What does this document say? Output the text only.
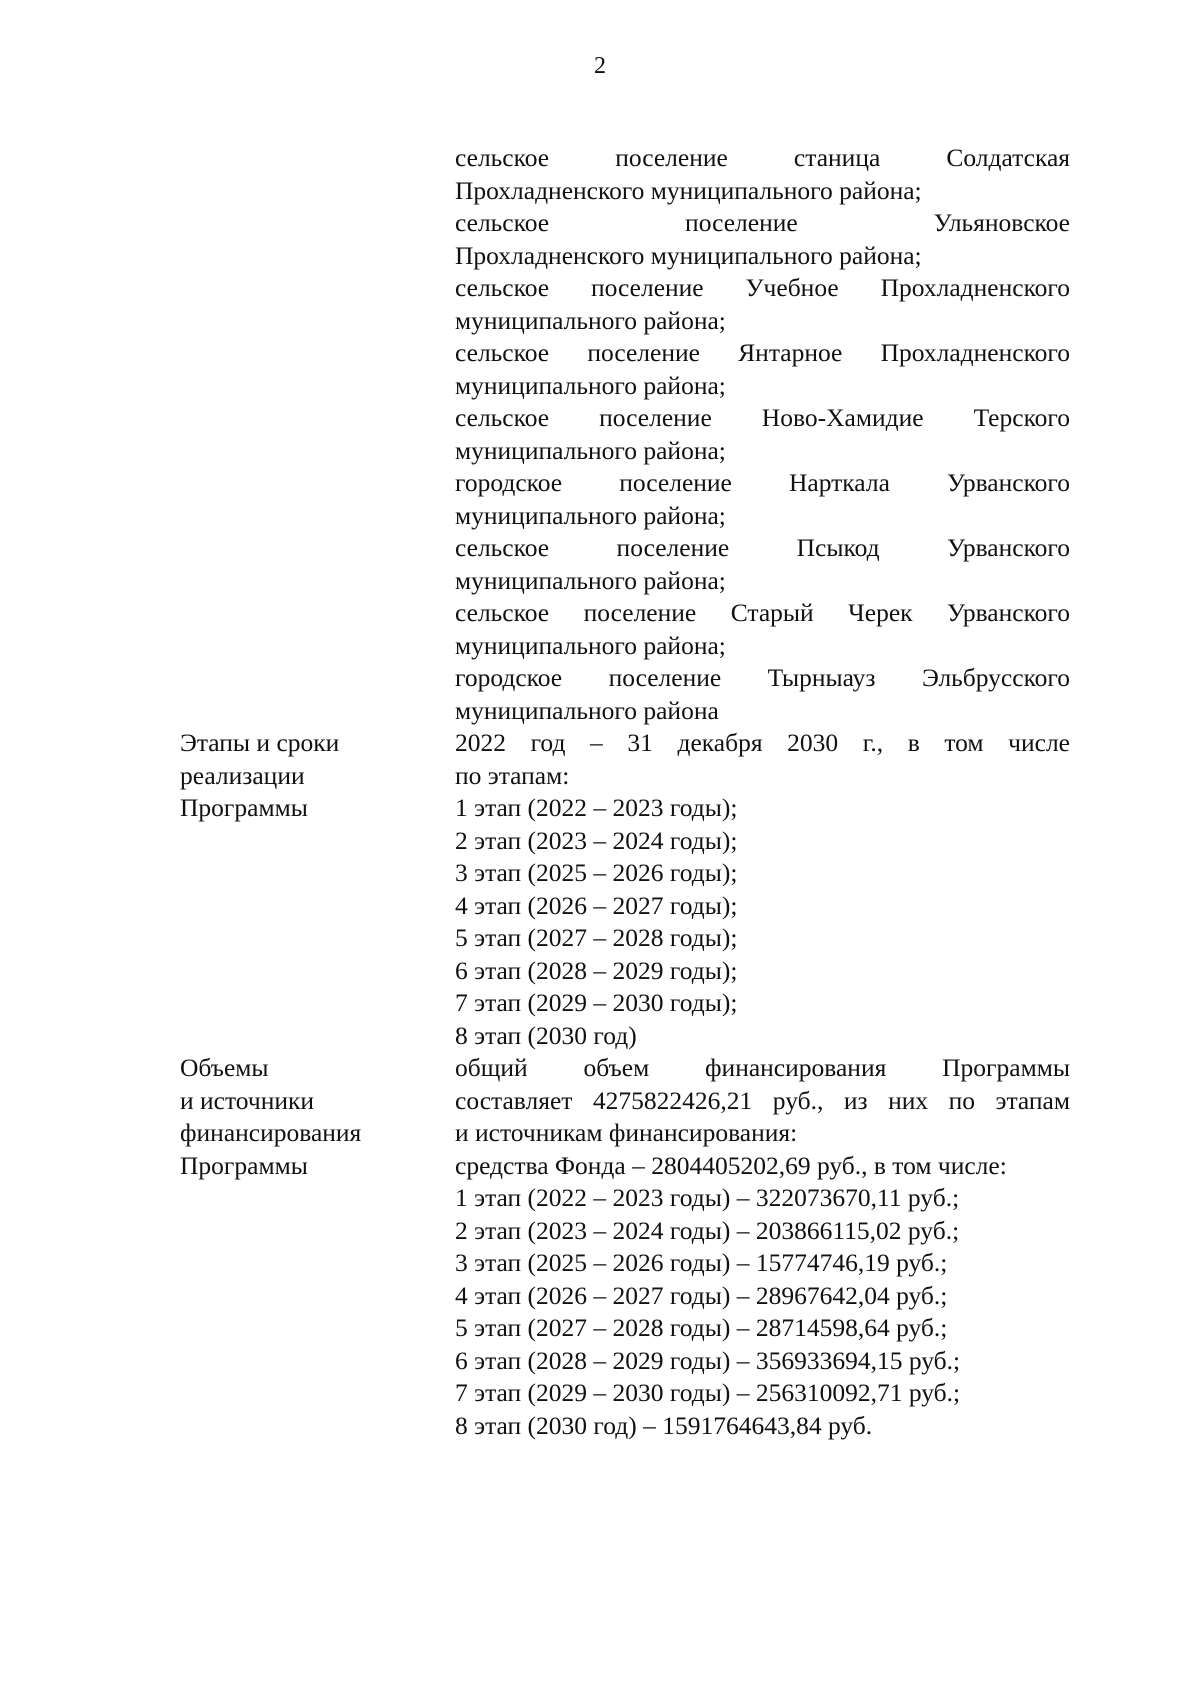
2
сельское поселение станица Солдатская
Прохладненского муниципального района;
сельское поселение Ульяновское
Прохладненского муниципального района;
сельское поселение Учебное Прохладненского
муниципального района;
сельское поселение Янтарное Прохладненского
муниципального района;
сельское поселение Ново-Хамидие Терского
муниципального района;
городское поселение Нарткала Урванского
муниципального района;
сельское поселение Псыкод Урванского
муниципального района;
сельское поселение Старый Черек Урванского
муниципального района;
городское поселение Тырныауз Эльбрусского
муниципального района
Этапы и сроки
реализации
Программы
2022 год – 31 декабря 2030 г., в том числе
по этапам:
1 этап (2022 – 2023 годы);
2 этап (2023 – 2024 годы);
3 этап (2025 – 2026 годы);
4 этап (2026 – 2027 годы);
5 этап (2027 – 2028 годы);
6 этап (2028 – 2029 годы);
7 этап (2029 – 2030 годы);
8 этап (2030 год)
Объемы
и источники
финансирования
Программы
общий объем финансирования Программы
составляет 4275822426,21 руб., из них по этапам
и источникам финансирования:
средства Фонда – 2804405202,69 руб., в том числе:
1 этап (2022 – 2023 годы) – 322073670,11 руб.;
2 этап (2023 – 2024 годы) – 203866115,02 руб.;
3 этап (2025 – 2026 годы) – 15774746,19 руб.;
4 этап (2026 – 2027 годы) – 28967642,04 руб.;
5 этап (2027 – 2028 годы) – 28714598,64 руб.;
6 этап (2028 – 2029 годы) – 356933694,15 руб.;
7 этап (2029 – 2030 годы) – 256310092,71 руб.;
8 этап (2030 год) – 1591764643,84 руб.
